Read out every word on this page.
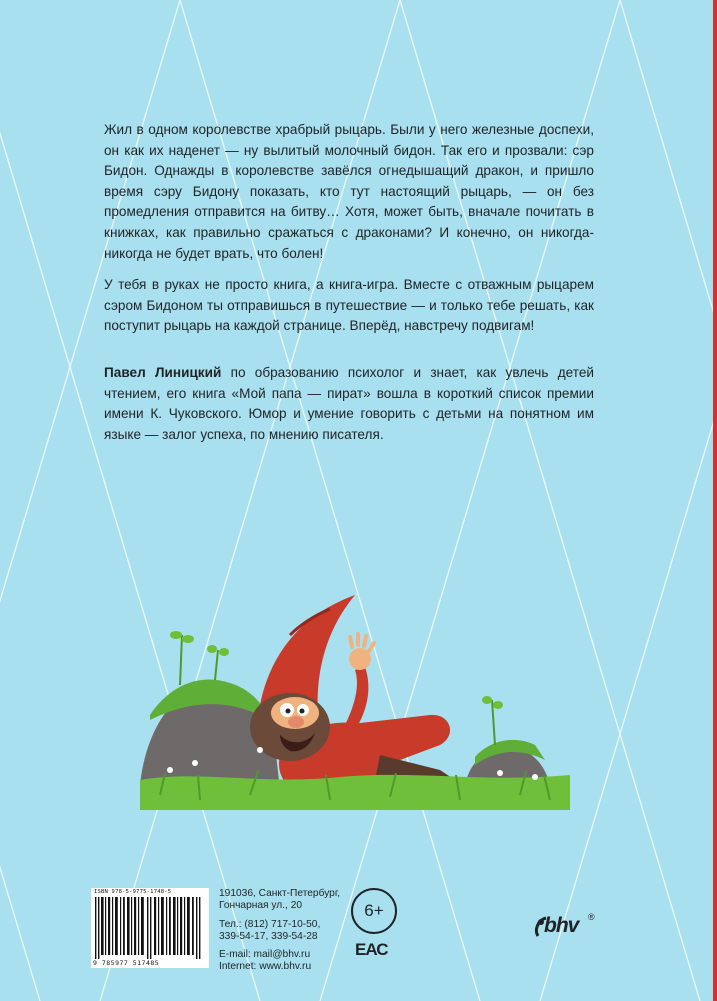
Жил в одном королевстве храбрый рыцарь. Были у него железные доспехи, он как их наденет — ну вылитый молочный бидон. Так его и прозвали: сэр Бидон. Однажды в королевстве завёлся огнедышащий дракон, и пришло время сэру Бидону показать, кто тут настоящий рыцарь, — он без промедления отправится на битву… Хотя, может быть, вначале почитать в книжках, как правильно сражаться с драконами? И конечно, он никогда-никогда не будет врать, что болен!

У тебя в руках не просто книга, а книга-игра. Вместе с отважным рыцарем сэром Бидоном ты отправишься в путешествие — и только тебе решать, как поступит рыцарь на каждой странице. Вперёд, навстречу подвигам!

Павел Линицкий по образованию психолог и знает, как увлечь детей чтением, его книга «Мой папа — пират» вошла в короткий список премии имени К. Чуковского. Юмор и умение говорить с детьми на понятном им языке — залог успеха, по мнению писателя.

ISBN 978-5-9775-1748-5
9 785977 517485
191036, Санкт-Петербург,
Гончарная ул., 20
Тел.: (812) 717-10-50,
339-54-17, 339-54-28
E-mail: mail@bhv.ru
Internet: www.bhv.ru
6+
ЕАС
bhv ®
